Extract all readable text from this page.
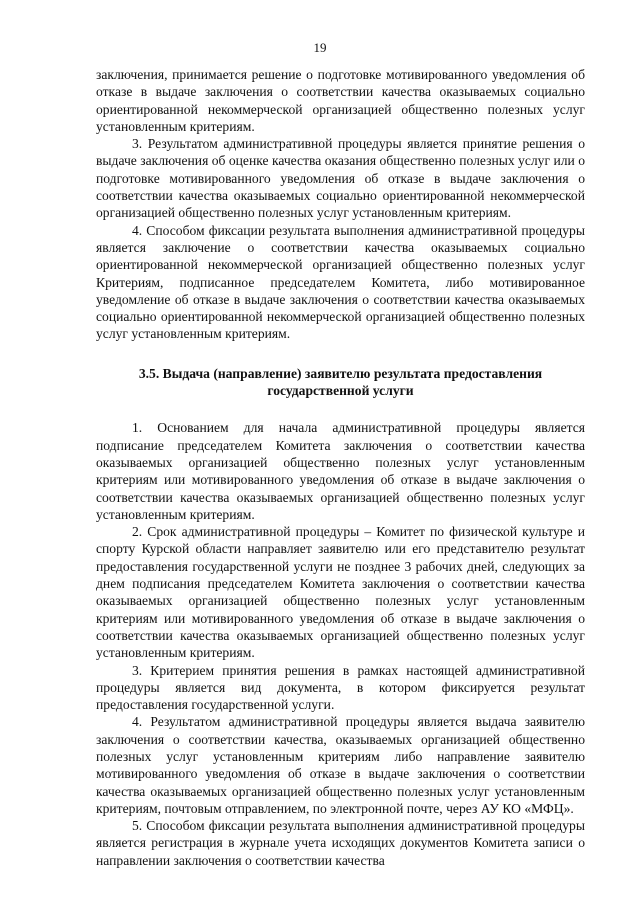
19

заключения, принимается решение о подготовке мотивированного уведомления об отказе в выдаче заключения о соответствии качества оказываемых социально ориентированной некоммерческой организацией общественно полезных услуг установленным критериям.

3. Результатом административной процедуры является принятие решения о выдаче заключения об оценке качества оказания общественно полезных услуг или о подготовке мотивированного уведомления об отказе в выдаче заключения о соответствии качества оказываемых социально ориентированной некоммерческой организацией общественно полезных услуг установленным критериям.

4. Способом фиксации результата выполнения административной процедуры является заключение о соответствии качества оказываемых социально ориентированной некоммерческой организацией общественно полезных услуг Критериям, подписанное председателем Комитета, либо мотивированное уведомление об отказе в выдаче заключения о соответствии качества оказываемых социально ориентированной некоммерческой организацией общественно полезных услуг установленным критериям.

3.5. Выдача (направление) заявителю результата предоставления государственной услуги

1. Основанием для начала административной процедуры является подписание председателем Комитета заключения о соответствии качества оказываемых организацией общественно полезных услуг установленным критериям или мотивированного уведомления об отказе в выдаче заключения о соответствии качества оказываемых организацией общественно полезных услуг установленным критериям.

2. Срок административной процедуры – Комитет по физической культуре и спорту Курской области направляет заявителю или его представителю результат предоставления государственной услуги не позднее 3 рабочих дней, следующих за днем подписания председателем Комитета заключения о соответствии качества оказываемых организацией общественно полезных услуг установленным критериям или мотивированного уведомления об отказе в выдаче заключения о соответствии качества оказываемых организацией общественно полезных услуг установленным критериям.

3. Критерием принятия решения в рамках настоящей административной процедуры является вид документа, в котором фиксируется результат предоставления государственной услуги.

4. Результатом административной процедуры является выдача заявителю заключения о соответствии качества, оказываемых организацией общественно полезных услуг установленным критериям либо направление заявителю мотивированного уведомления об отказе в выдаче заключения о соответствии качества оказываемых организацией общественно полезных услуг установленным критериям, почтовым отправлением, по электронной почте, через АУ КО «МФЦ».

5. Способом фиксации результата выполнения административной процедуры является регистрация в журнале учета исходящих документов Комитета записи о направлении заключения о соответствии качества
